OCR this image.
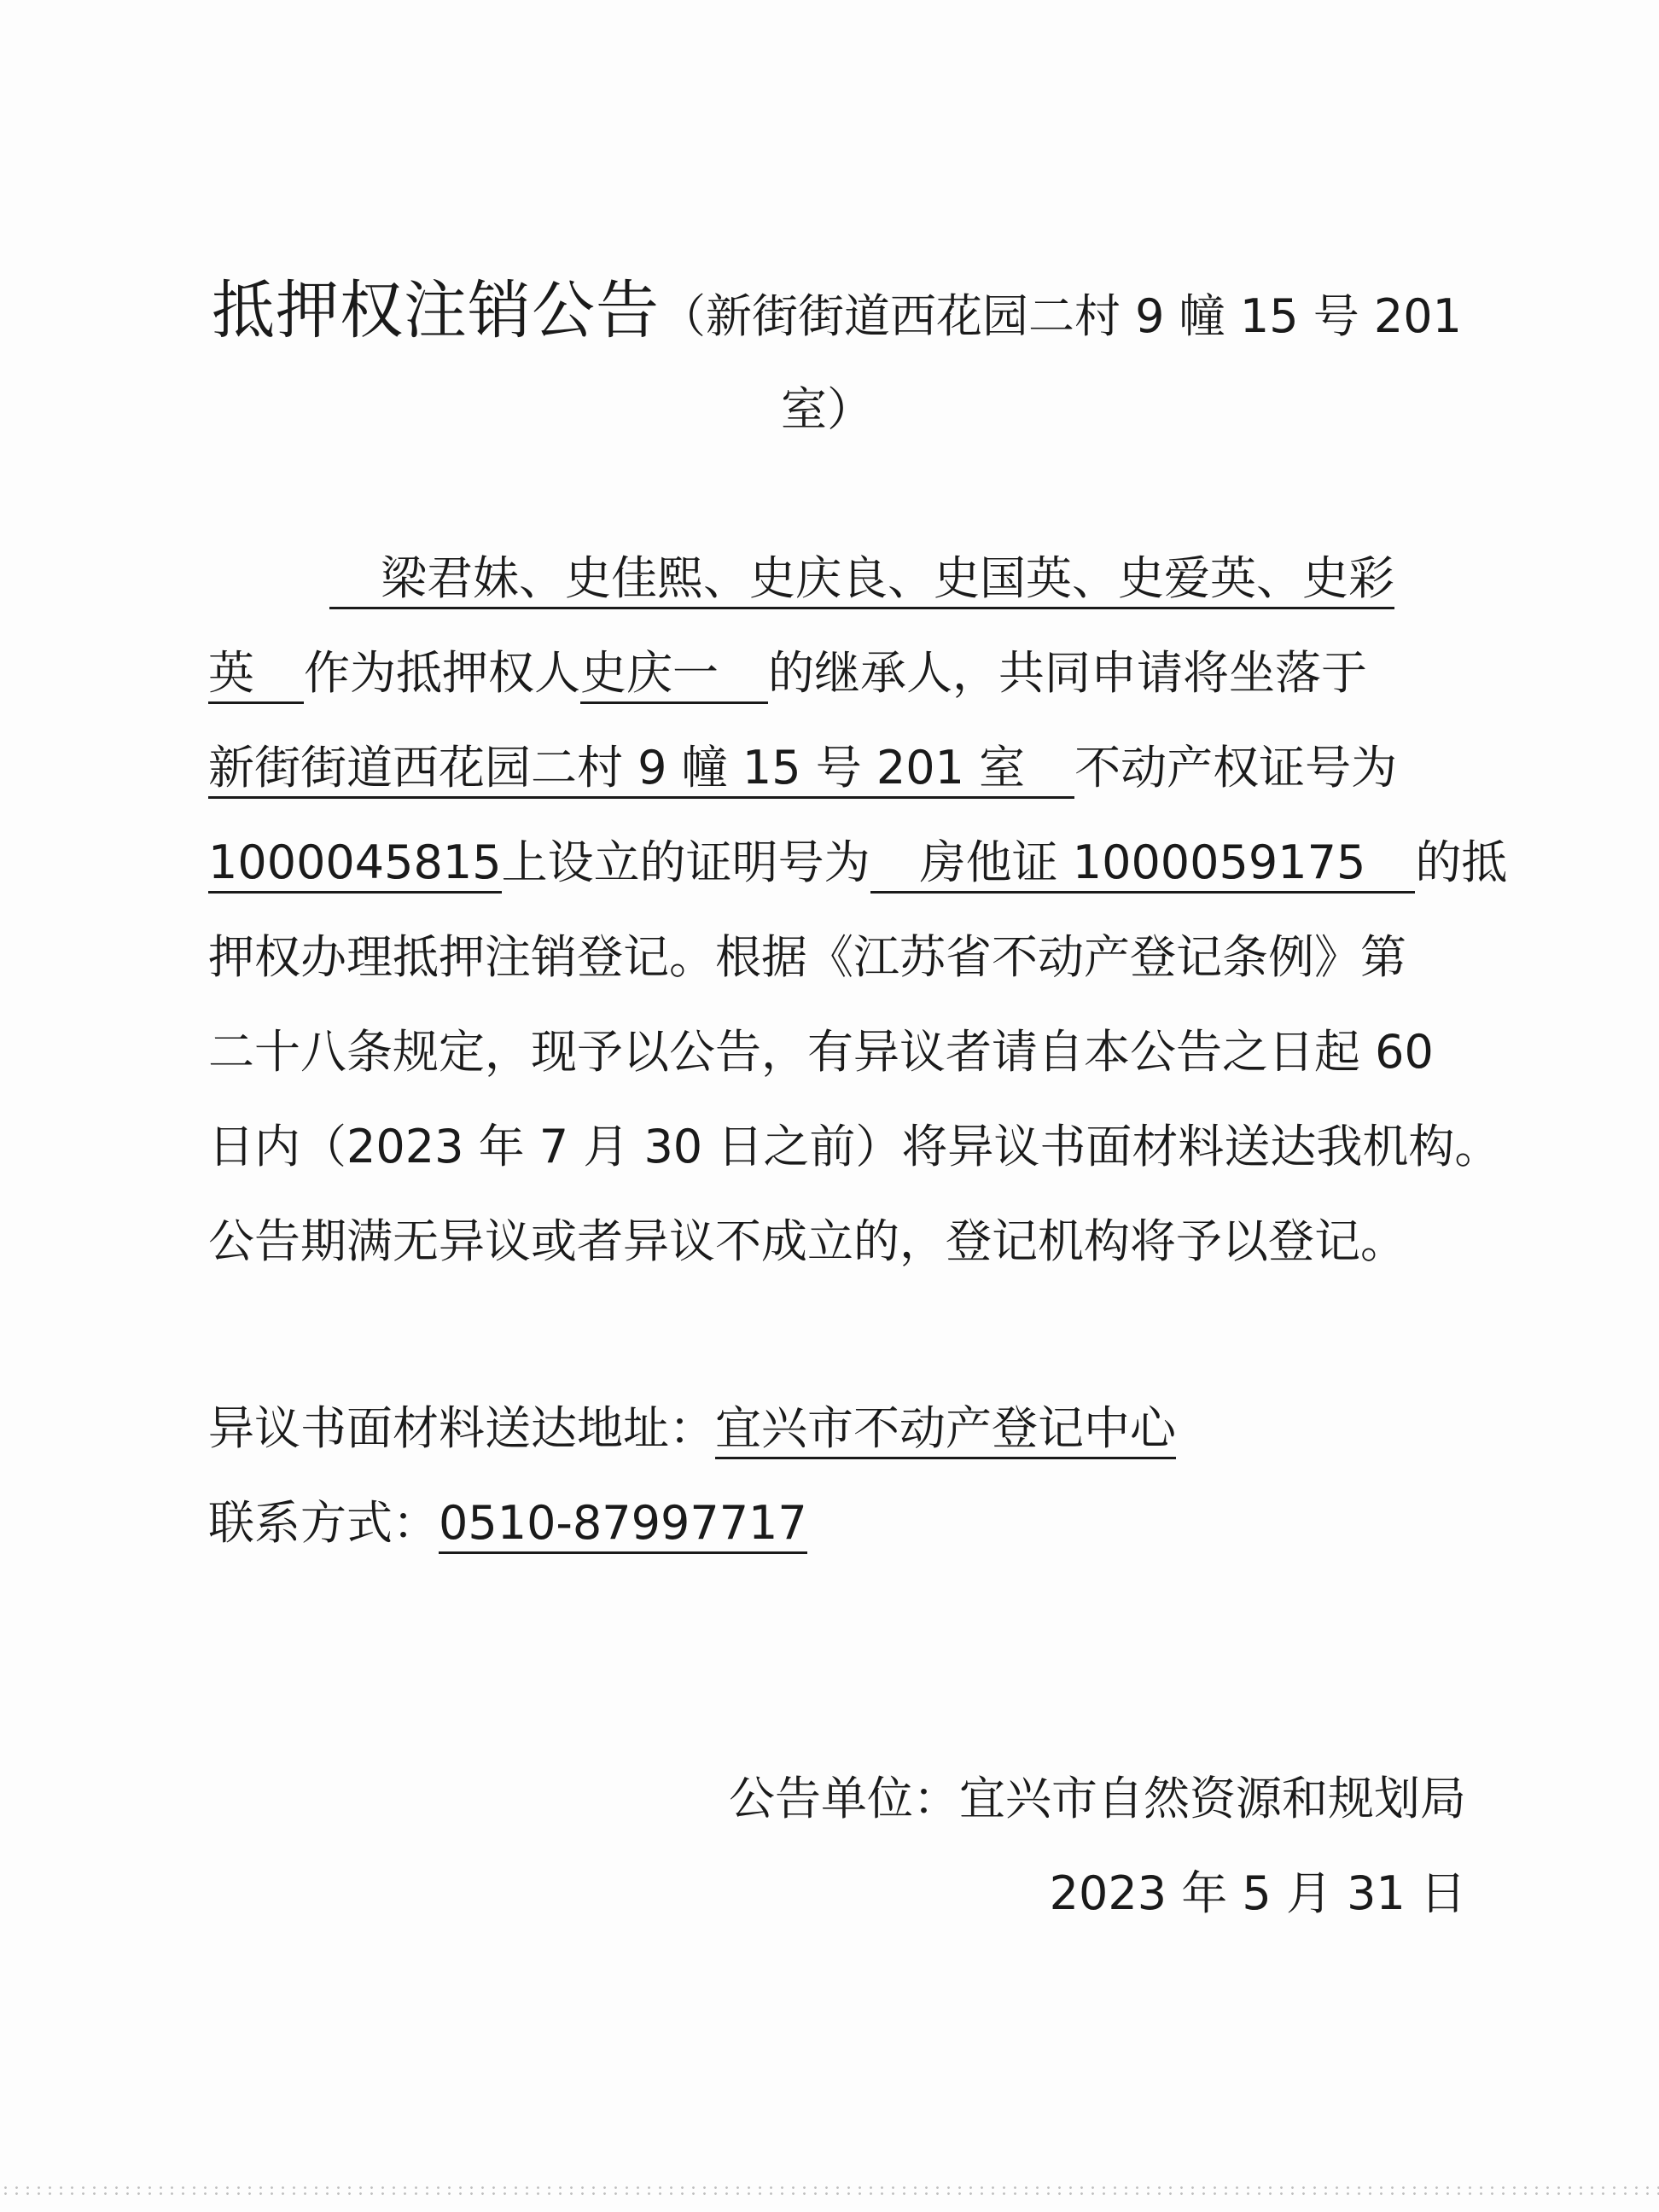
抵押权注销公告（新街街道西花园二村 9 幢 15 号 201
室）
梁君妹、史佳熙、史庆良、史国英、史爱英、史彩
英 作为抵押权人史庆一 的继承人，共同申请将坐落于
新街街道西花园二村 9 幢 15 号 201 室 不动产权证号为
1000045815上设立的证明号为 房他证 1000059175 的抵
押权办理抵押注销登记。根据《江苏省不动产登记条例》第
二十八条规定，现予以公告，有异议者请自本公告之日起 60
日内（2023 年 7 月 30 日之前）将异议书面材料送达我机构。
公告期满无异议或者异议不成立的，登记机构将予以登记。
异议书面材料送达地址：宜兴市不动产登记中心
联系方式：0510-87997717
公告单位：宜兴市自然资源和规划局
2023 年 5 月 31 日
